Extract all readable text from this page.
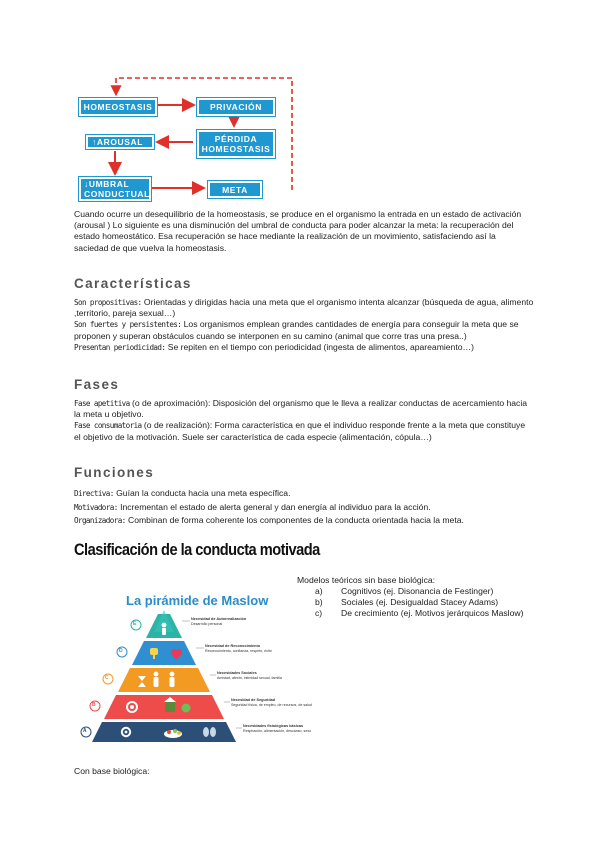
HOMEOSTASIS	PRIVACIÓN
PÉRDIDA HOMEOSTASIS
↑AROUSAL
↓UMBRAL CONDUCTUAL	META
Cuando ocurre un desequilibrio de la homeostasis, se produce en el organismo la entrada en un estado de activación (arousal ) Lo siguiente es una disminución del umbral de conducta para poder alcanzar la meta: la recuperación del estado homeostático. Esa recuperación se hace mediante la realización de un movimiento, satisfaciendo así la saciedad de que vuelva la homeostasis.
Características
Son propositivas: Orientadas y dirigidas hacia una meta que el organismo intenta alcanzar (búsqueda de agua, alimento ,territorio, pareja sexual…)
Son fuertes y persistentes: Los organismos emplean grandes cantidades de energía para conseguir la meta que se proponen y superan obstáculos cuando se interponen en su camino (animal que corre tras una presa..)
Presentan periodicidad: Se repiten en el tiempo con periodicidad (ingesta de alimentos, apareamiento…)
Fases
Fase apetitiva (o de aproximación): Disposición del organismo que le lleva a realizar conductas de acercamiento hacia la meta u objetivo.
Fase consumatoria (o de realización): Forma característica en que el individuo responde frente a la meta que constituye el objetivo de la motivación. Suele ser característica de cada especie (alimentación, cópula…)
Funciones
Directiva: Guían la conducta hacia una meta específica.
Motivadora: Incrementan el estado de alerta general y dan energía al individuo para la acción.
Organizadora: Combinan de forma coherente los componentes de la conducta orientada hacia la meta.
Clasificación de la conducta motivada
Modelos teóricos sin base biológica:
a)	Cognitivos (ej. Disonancia de Festinger)
b)	Sociales (ej. Desigualdad Stacey Adams)
c)	De crecimiento (ej. Motivos jerárquicos Maslow)
La pirámide de Maslow
E
D
C
B
A
Necesidad de Autorrealización
Desarrollo personal
Necesidad de Reconocimiento
Reconocimiento, confianza, respeto, éxito
Necesidades Sociales
Amistad, afecto, intimidad sexual, familia
Necesidad de Seguridad
Seguridad física, de empleo, de recursos, de salud
Necesidades fisiológicas básicas
Respiración, alimentación, descanso, sexo
Con base biológica:
